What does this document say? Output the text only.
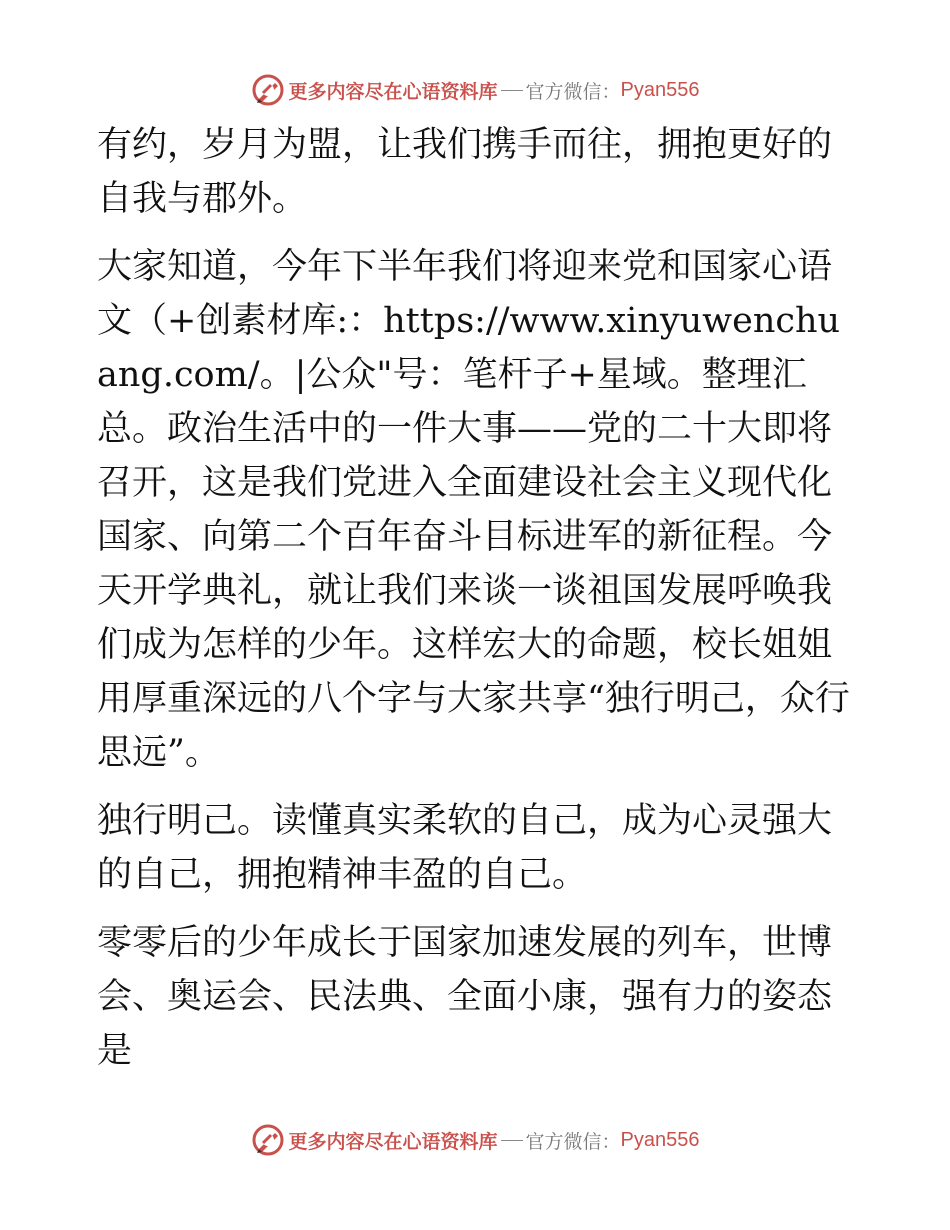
更多内容尽在心语资料库 官方微信： Pyan556

有约，岁月为盟，让我们携手而往，拥抱更好的自我与郡外。

大家知道，今年下半年我们将迎来党和国家心语文（+创素材库:：https://www.xinyuwenchuang.com/。|公众"号：笔杆子+星域。整理汇总。政治生活中的一件大事——党的二十大即将召开，这是我们党进入全面建设社会主义现代化国家、向第二个百年奋斗目标进军的新征程。今天开学典礼，就让我们来谈一谈祖国发展呼唤我们成为怎样的少年。这样宏大的命题，校长姐姐用厚重深远的八个字与大家共享“独行明己，众行思远”。

独行明己。读懂真实柔软的自己，成为心灵强大的自己，拥抱精神丰盈的自己。

零零后的少年成长于国家加速发展的列车，世博会、奥运会、民法典、全面小康，强有力的姿态是

更多内容尽在心语资料库 官方微信： Pyan556
